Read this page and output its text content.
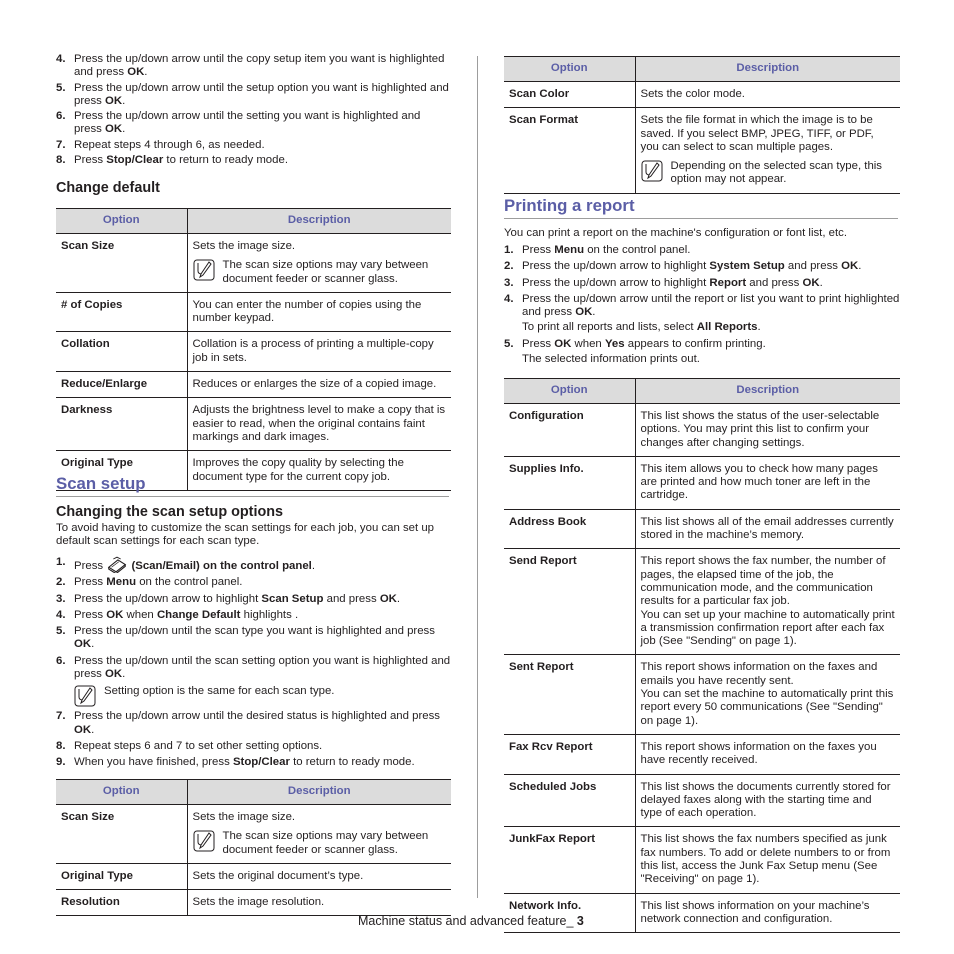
4. Press the up/down arrow until the copy setup item you want is highlighted and press OK.
5. Press the up/down arrow until the setup option you want is highlighted and press OK.
6. Press the up/down arrow until the setting you want is highlighted and press OK.
7. Repeat steps 4 through 6, as needed.
8. Press Stop/Clear to return to ready mode.
Change default
Option	Description
Scan Size	Sets the image size.
The scan size options may vary between document feeder or scanner glass.

# of Copies	You can enter the number of copies using the number keypad.

Collation	Collation is a process of printing a multiple-copy job in sets.

Reduce/Enlarge	Reduces or enlarges the size of a copied image.

Darkness	Adjusts the brightness level to make a copy that is easier to read, when the original contains faint markings and dark images.

Original Type	Improves the copy quality by selecting the document type for the current copy job.
Scan setup
Changing the scan setup options

To avoid having to customize the scan settings for each job, you can set up default scan settings for each scan type.

1. Press  (Scan/Email) on the control panel.
2. Press Menu on the control panel.
3. Press the up/down arrow to highlight Scan Setup and press OK.
4. Press OK when Change Default highlights .
5. Press the up/down until the scan type you want is highlighted and press OK.
6. Press the up/down until the scan setting option you want is highlighted and press OK.
Setting option is the same for each scan type.
7. Press the up/down arrow until the desired status is highlighted and press OK.
8. Repeat steps 6 and 7 to set other setting options.
9. When you have finished, press Stop/Clear to return to ready mode.
Option	Description
Scan Size	Sets the image size.
The scan size options may vary between document feeder or scanner glass.

Original Type	Sets the original document’s type.

Resolution	Sets the image resolution.
Option	Description
Scan Color	Sets the color mode.

Scan Format	Sets the file format in which the image is to be saved. If you select BMP, JPEG, TIFF, or PDF, you can select to scan multiple pages.
Depending on the selected scan type, this option may not appear.
Printing a report

You can print a report on the machine's configuration or font list, etc.

1. Press Menu on the control panel.
2. Press the up/down arrow to highlight System Setup and press OK.
3. Press the up/down arrow to highlight Report and press OK.
4. Press the up/down arrow until the report or list you want to print highlighted and press OK.
To print all reports and lists, select All Reports.
5. Press OK when Yes appears to confirm printing.
The selected information prints out.
Option	Description
Configuration	This list shows the status of the user-selectable options. You may print this list to confirm your changes after changing settings.

Supplies Info.	This item allows you to check how many pages are printed and how much toner are left in the cartridge.

Address Book	This list shows all of the email addresses currently stored in the machine’s memory.

Send Report	This report shows the fax number, the number of pages, the elapsed time of the job, the communication mode, and the communication results for a particular fax job.
You can set up your machine to automatically print a transmission confirmation report after each fax job (See "Sending" on page 1).

Sent Report	This report shows information on the faxes and emails you have recently sent.
You can set the machine to automatically print this report every 50 communications (See "Sending" on page 1).

Fax Rcv Report	This report shows information on the faxes you have recently received.

Scheduled Jobs	This list shows the documents currently stored for delayed faxes along with the starting time and type of each operation.

JunkFax Report	This list shows the fax numbers specified as junk fax numbers. To add or delete numbers to or from this list, access the Junk Fax Setup menu (See "Receiving" on page 1).

Network Info.	This list shows information on your machine’s network connection and configuration.
Machine status and advanced feature_ 3
